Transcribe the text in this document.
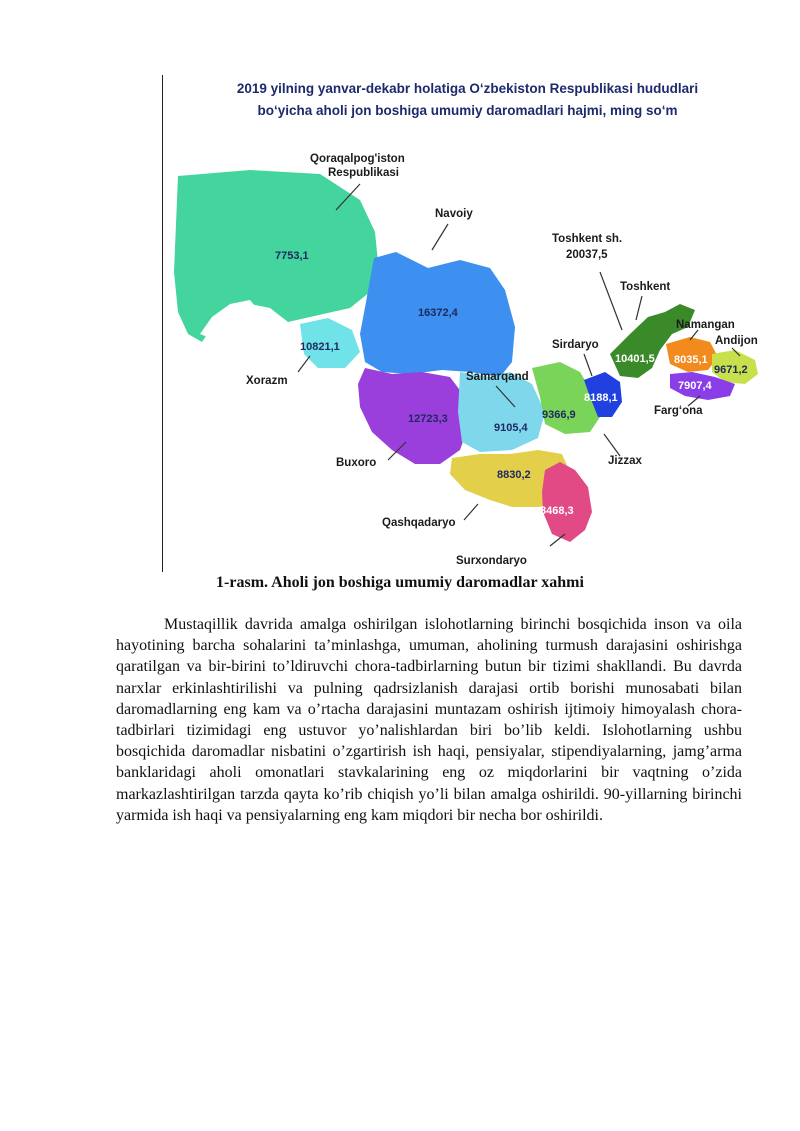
2019 yilning yanvar-dekabr holatiga O‘zbekiston Respublikasi hududlari
bo‘yicha aholi jon boshiga umumiy daromadlari hajmi, ming so‘m
Qoraqalpog'iston
Respublikasi
Navoiy
Toshkent sh.
20037,5
Toshkent
Namangan
Andijon
Sirdaryo
Samarqand
Xorazm
Buxoro	Jizzax
Farg‘ona
Qashqadaryo
Surxondaryo
7753,1
16372,4
10821,1
12723,3
9105,4
9366,9
8188,1
10401,5 8035,1
9671,2
7907,4
8830,2
8468,3
1-rasm. Aholi jon boshiga umumiy daromadlar xahmi

Mustaqillik davrida amalga oshirilgan islohotlarning birinchi bosqichida inson va oila hayotining barcha sohalarini ta’minlashga, umuman, aholining turmush darajasini oshirishga qaratilgan va bir-birini to’ldiruvchi chora-tadbirlarning butun bir tizimi shakllandi. Bu davrda narxlar erkinlashtirilishi va pulning qadrsizlanish darajasi ortib borishi munosabati bilan daromadlarning eng kam va o’rtacha darajasini muntazam oshirish ijtimoiy himoyalash chora-tadbirlari tizimidagi eng ustuvor yo’nalishlardan biri bo’lib keldi. Islohotlarning ushbu bosqichida daromadlar nisbatini o’zgartirish ish haqi, pensiyalar, stipendiyalarning, jamg’arma banklaridagi aholi omonatlari stavkalarining eng oz miqdorlarini bir vaqtning o’zida markazlashtirilgan tarzda qayta ko’rib chiqish yo’li bilan amalga oshirildi. 90-yillarning birinchi yarmida ish haqi va pensiyalarning eng kam miqdori bir necha bor oshirildi.
